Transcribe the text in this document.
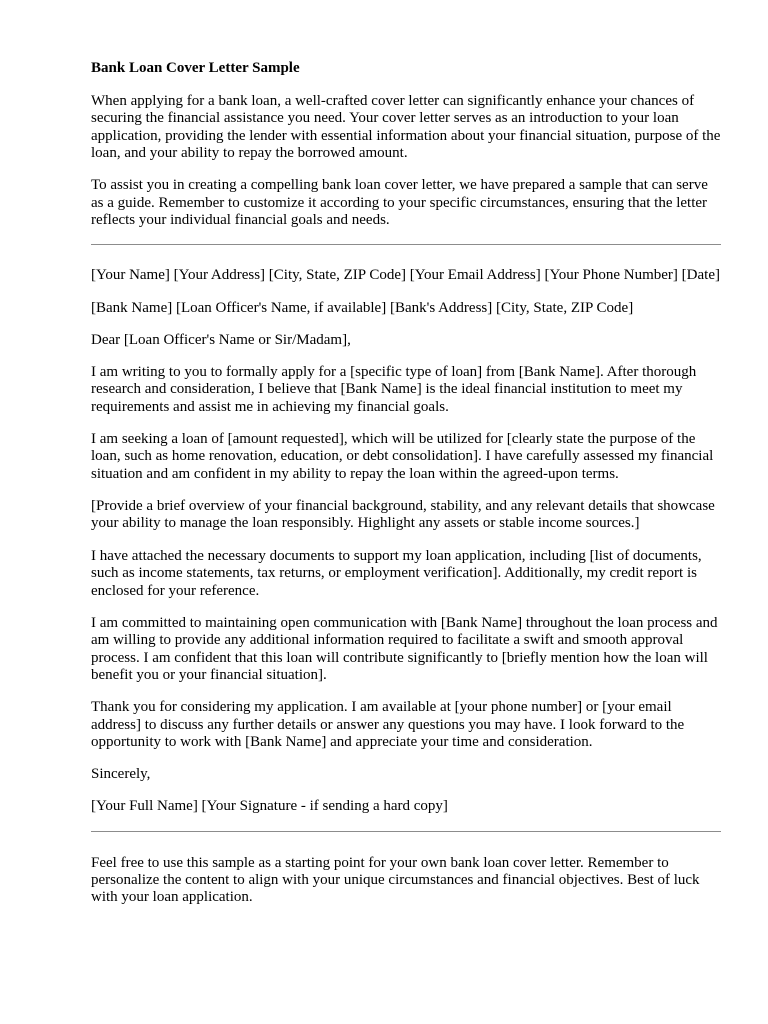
Bank Loan Cover Letter Sample

When applying for a bank loan, a well-crafted cover letter can significantly enhance your chances of securing the financial assistance you need. Your cover letter serves as an introduction to your loan application, providing the lender with essential information about your financial situation, purpose of the loan, and your ability to repay the borrowed amount.

To assist you in creating a compelling bank loan cover letter, we have prepared a sample that can serve as a guide. Remember to customize it according to your specific circumstances, ensuring that the letter reflects your individual financial goals and needs.

[Your Name] [Your Address] [City, State, ZIP Code] [Your Email Address] [Your Phone Number] [Date]

[Bank Name] [Loan Officer's Name, if available] [Bank's Address] [City, State, ZIP Code]

Dear [Loan Officer's Name or Sir/Madam],

I am writing to you to formally apply for a [specific type of loan] from [Bank Name]. After thorough research and consideration, I believe that [Bank Name] is the ideal financial institution to meet my requirements and assist me in achieving my financial goals.

I am seeking a loan of [amount requested], which will be utilized for [clearly state the purpose of the loan, such as home renovation, education, or debt consolidation]. I have carefully assessed my financial situation and am confident in my ability to repay the loan within the agreed-upon terms.

[Provide a brief overview of your financial background, stability, and any relevant details that showcase your ability to manage the loan responsibly. Highlight any assets or stable income sources.]

I have attached the necessary documents to support my loan application, including [list of documents, such as income statements, tax returns, or employment verification]. Additionally, my credit report is enclosed for your reference.

I am committed to maintaining open communication with [Bank Name] throughout the loan process and am willing to provide any additional information required to facilitate a swift and smooth approval process. I am confident that this loan will contribute significantly to [briefly mention how the loan will benefit you or your financial situation].

Thank you for considering my application. I am available at [your phone number] or [your email address] to discuss any further details or answer any questions you may have. I look forward to the opportunity to work with [Bank Name] and appreciate your time and consideration.

Sincerely,

[Your Full Name] [Your Signature - if sending a hard copy]

Feel free to use this sample as a starting point for your own bank loan cover letter. Remember to personalize the content to align with your unique circumstances and financial objectives. Best of luck with your loan application.
